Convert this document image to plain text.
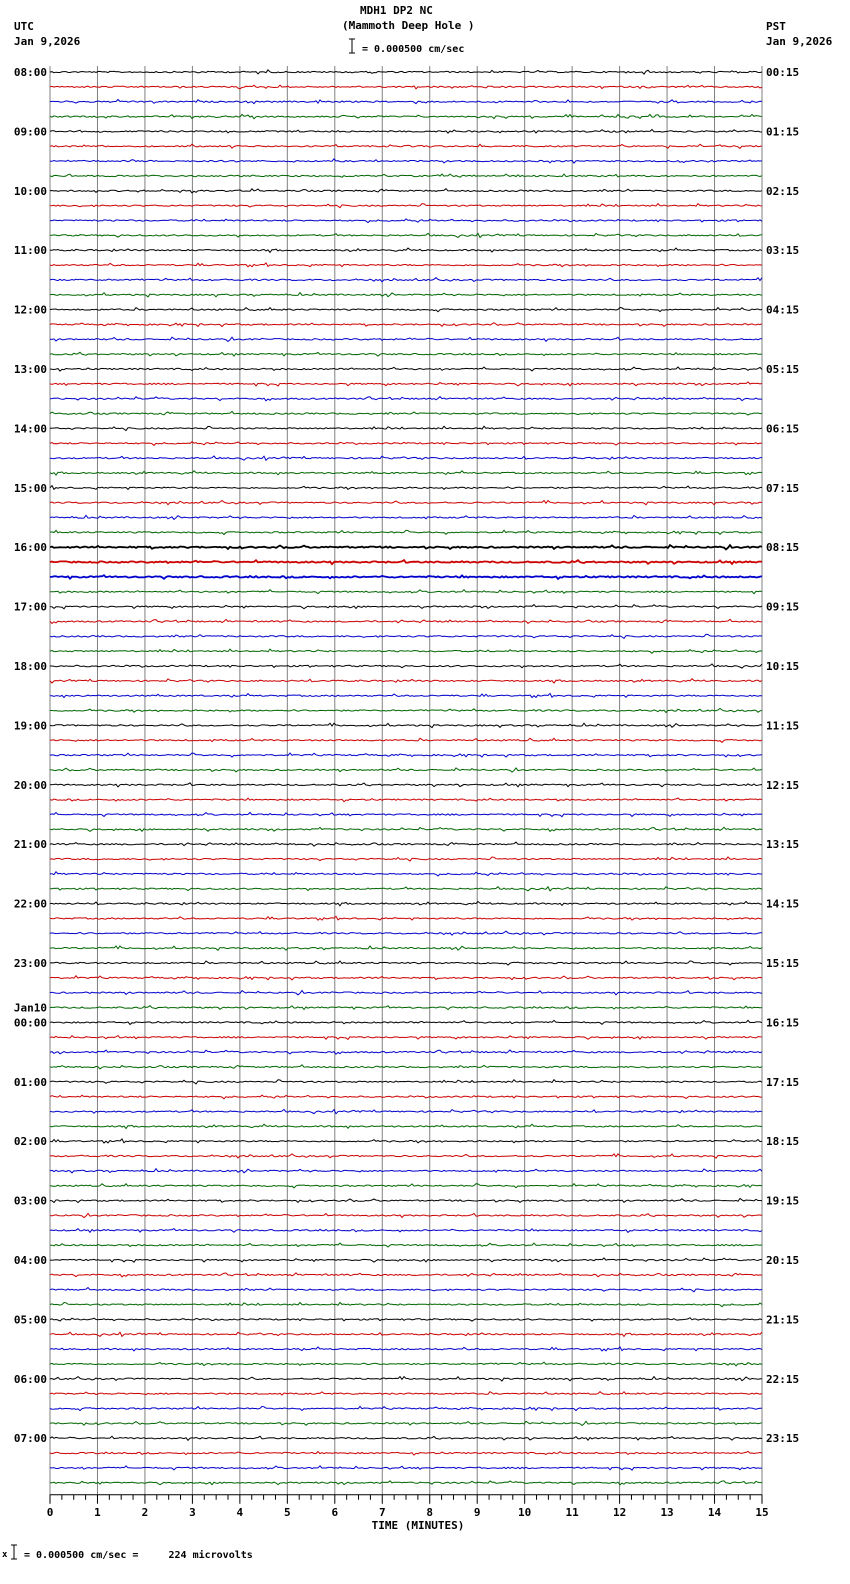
MDH1 DP2 NC
(Mammoth Deep Hole )
UTC
Jan 9,2026
PST
Jan 9,2026
= 0.000500 cm/sec
08:00
09:00
10:00
11:00
12:00
13:00
14:00
15:00
16:00
17:00
18:00
19:00
20:00
21:00
22:00
23:00
00:00
01:00
02:00
03:00
04:00
05:00
06:00
07:00
00:15
01:15
02:15
03:15
04:15
05:15
06:15
07:15
08:15
09:15
10:15
11:15
12:15
13:15
14:15
15:15
16:15
17:15
18:15
19:15
20:15
21:15
22:15
23:15
Jan10
0	1	2	3	4	5	6	7	8	9	10	11	12	13	14	15
TIME (MINUTES)
x = 0.000500 cm/sec =     224 microvolts
